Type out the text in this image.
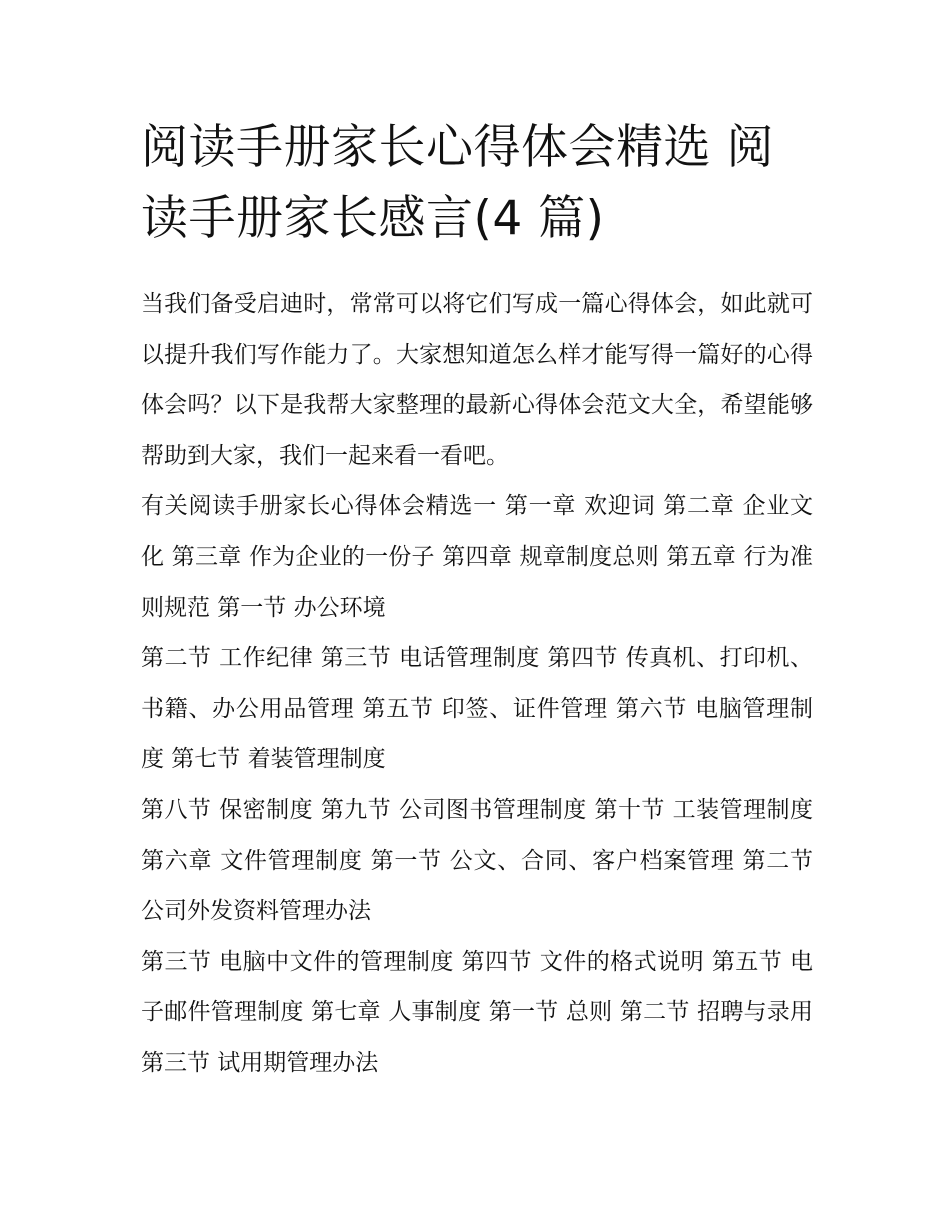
阅读手册家长心得体会精选 阅读手册家长感言(4 篇)

当我们备受启迪时，常常可以将它们写成一篇心得体会，如此就可以提升我们写作能力了。大家想知道怎么样才能写得一篇好的心得体会吗？以下是我帮大家整理的最新心得体会范文大全，希望能够帮助到大家，我们一起来看一看吧。

有关阅读手册家长心得体会精选一 第一章 欢迎词 第二章 企业文化 第三章 作为企业的一份子 第四章 规章制度总则 第五章 行为准则规范 第一节 办公环境

第二节 工作纪律 第三节 电话管理制度 第四节 传真机、打印机、书籍、办公用品管理 第五节 印签、证件管理 第六节 电脑管理制度 第七节 着装管理制度

第八节 保密制度 第九节 公司图书管理制度 第十节 工装管理制度 第六章 文件管理制度 第一节 公文、合同、客户档案管理 第二节 公司外发资料管理办法

第三节 电脑中文件的管理制度 第四节 文件的格式说明 第五节 电子邮件管理制度 第七章 人事制度 第一节 总则 第二节 招聘与录用 第三节 试用期管理办法
